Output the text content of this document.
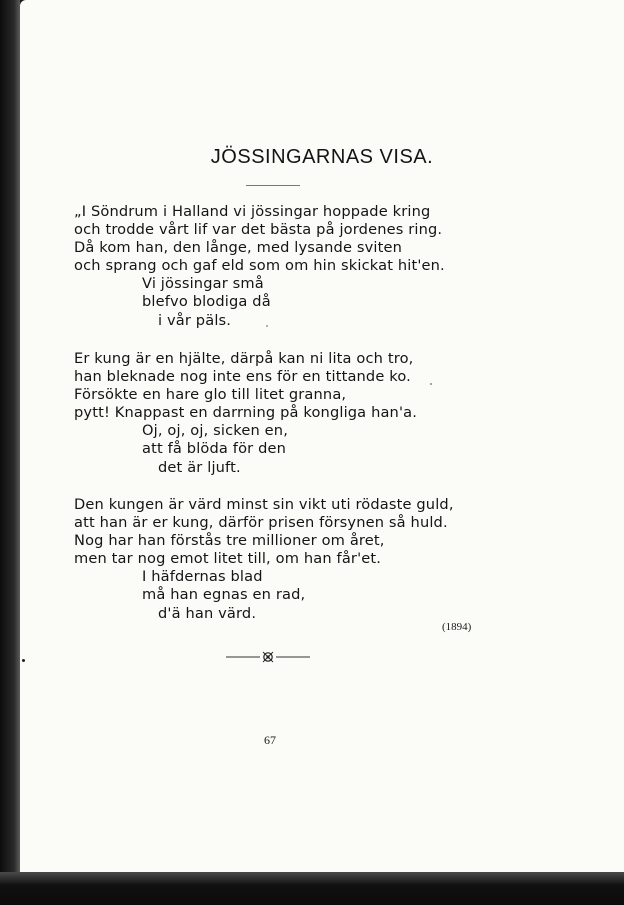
JÖSSINGARNAS VISA.
„I Söndrum i Halland vi jössingar hoppade kring
och trodde vårt lif var det bästa på jordenes ring.
Då kom han, den långe, med lysande sviten
och sprang och gaf eld som om hin skickat hit'en.
Vi jössingar små
blefvo blodiga då
i vår päls.
Er kung är en hjälte, därpå kan ni lita och tro,
han bleknade nog inte ens för en tittande ko.
Försökte en hare glo till litet granna,
pytt! Knappast en darrning på kongliga han'a.
Oj, oj, oj, sicken en,
att få blöda för den
det är ljuft.
Den kungen är värd minst sin vikt uti rödaste guld,
att han är er kung, därför prisen försynen så huld.
Nog har han förstås tre millioner om året,
men tar nog emot litet till, om han får'et.
I häfdernas blad
må han egnas en rad,
d'ä han värd.
(1894)
67
